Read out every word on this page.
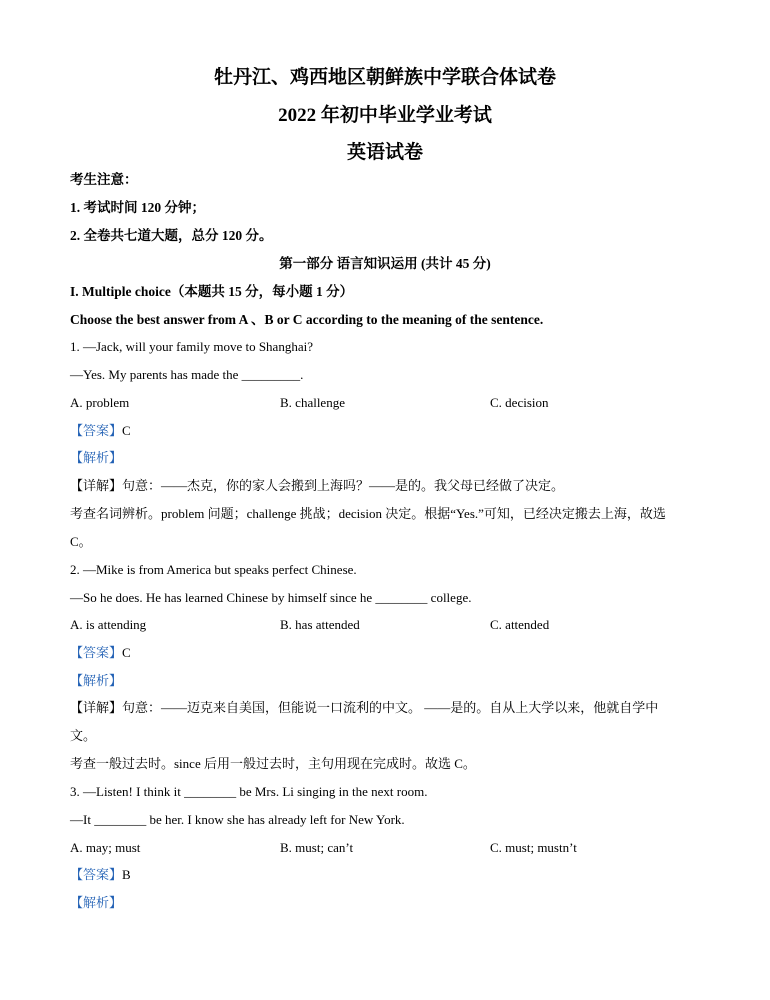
牡丹江、鸡西地区朝鲜族中学联合体试卷
2022 年初中毕业学业考试
英语试卷
考生注意：
1. 考试时间 120 分钟；
2. 全卷共七道大题，总分 120 分。
第一部分 语言知识运用 (共计 45 分)
I. Multiple choice（本题共 15 分，每小题 1 分）
Choose the best answer from A 、B or C according to the meaning of the sentence.
1. —Jack, will your family move to Shanghai?
—Yes. My parents has made the _________.
A. problem	B. challenge	C. decision
【答案】C
【解析】
【详解】句意：——杰克，你的家人会搬到上海吗？——是的。我父母已经做了决定。
考查名词辨析。problem 问题；challenge 挑战；decision 决定。根据“Yes.”可知，已经决定搬去上海，故选
C。
2. —Mike is from America but speaks perfect Chinese.
—So he does. He has learned Chinese by himself since he ________ college.
A. is attending	B. has attended	C. attended
【答案】C
【解析】
【详解】句意：——迈克来自美国，但能说一口流利的中文。 ——是的。自从上大学以来，他就自学中
文。
考查一般过去时。since 后用一般过去时，主句用现在完成时。故选 C。
3. —Listen! I think it ________ be Mrs. Li singing in the next room.
—It ________ be her. I know she has already left for New York.
A. may; must	B. must; can’t	C. must; mustn’t
【答案】B
【解析】
